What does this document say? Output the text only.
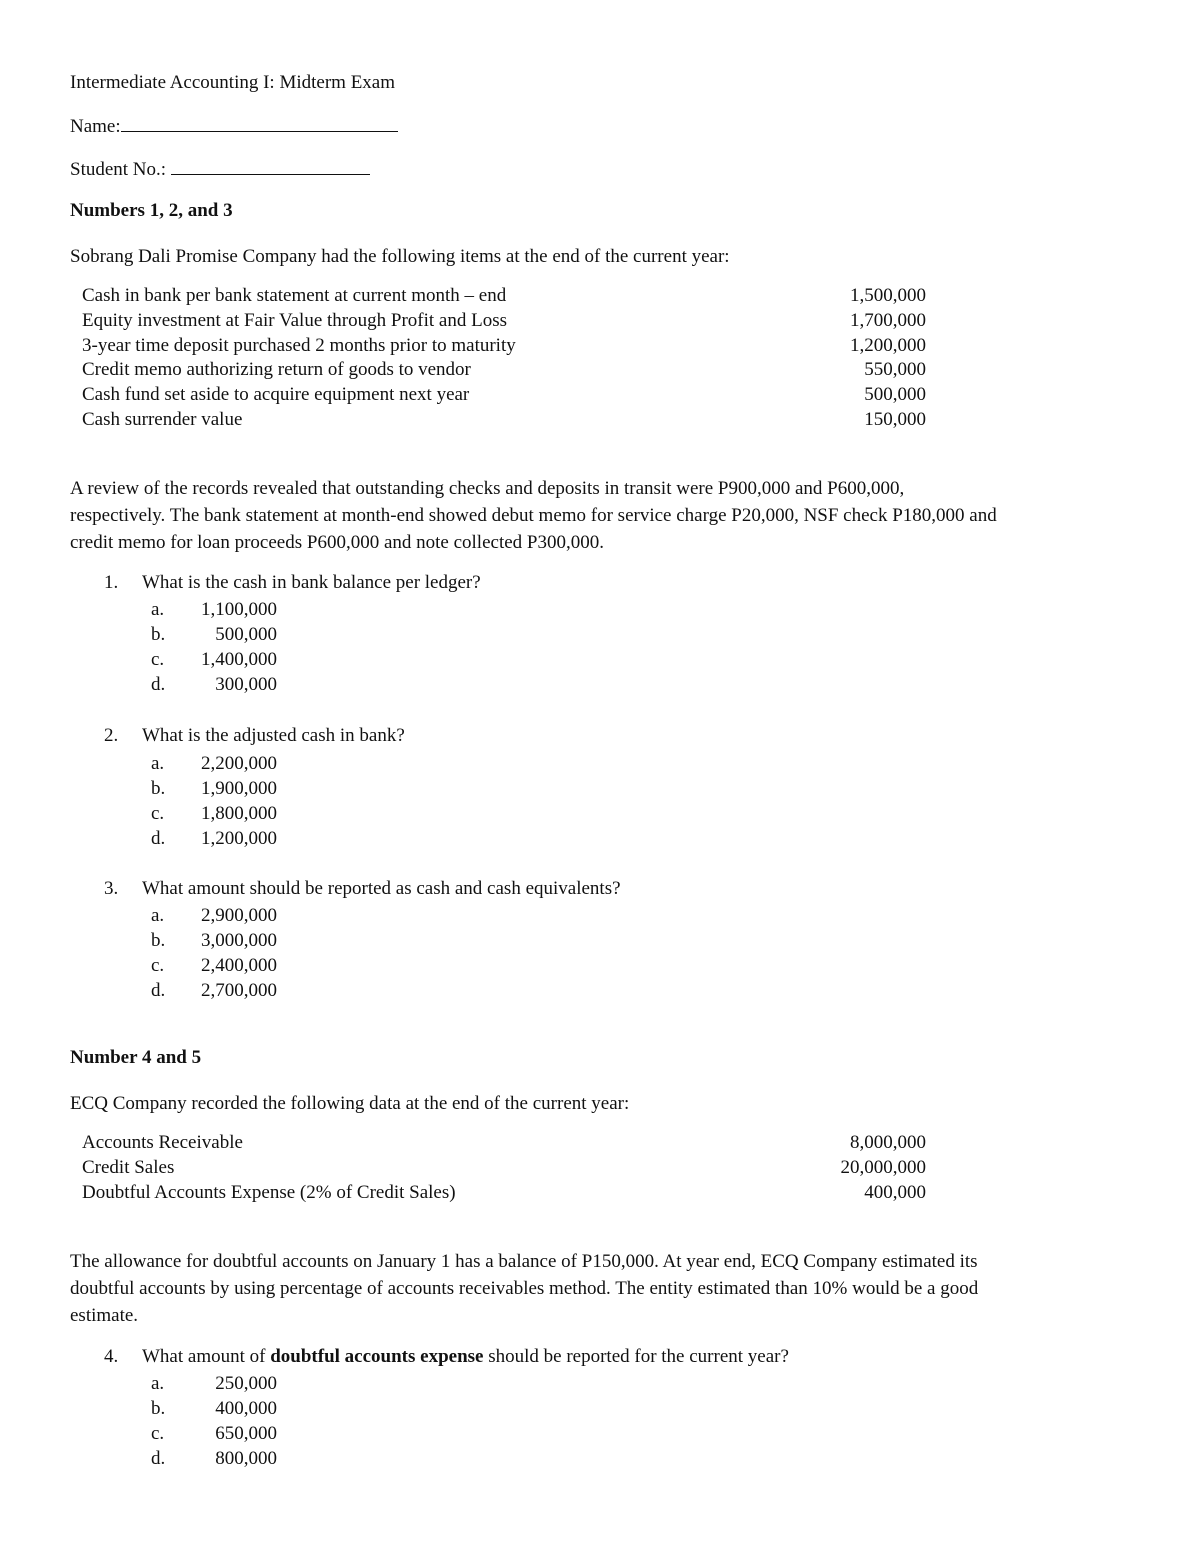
Intermediate Accounting I: Midterm Exam
Name:
Student No.:
Numbers 1, 2, and 3
Sobrang Dali Promise Company had the following items at the end of the current year:
Cash in bank per bank statement at current month – end	1,500,000
Equity investment at Fair Value through Profit and Loss	1,700,000
3-year time deposit purchased 2 months prior to maturity	1,200,000
Credit memo authorizing return of goods to vendor	550,000
Cash fund set aside to acquire equipment next year	500,000
Cash surrender value	150,000
A review of the records revealed that outstanding checks and deposits in transit were P900,000 and P600,000,
respectively. The bank statement at month-end showed debut memo for service charge P20,000, NSF check P180,000 and
credit memo for loan proceeds P600,000 and note collected P300,000.
1. What is the cash in bank balance per ledger?
a. 1,100,000
b.	500,000
c. 1,400,000
d.	300,000
2. What is the adjusted cash in bank?
a. 2,200,000
b. 1,900,000
c. 1,800,000
d. 1,200,000
3. What amount should be reported as cash and cash equivalents?
a. 2,900,000
b. 3,000,000
c. 2,400,000
d. 2,700,000
Number 4 and 5
ECQ Company recorded the following data at the end of the current year:
Accounts Receivable	8,000,000
Credit Sales	20,000,000
Doubtful Accounts Expense (2% of Credit Sales)	400,000
The allowance for doubtful accounts on January 1 has a balance of P150,000. At year end, ECQ Company estimated its
doubtful accounts by using percentage of accounts receivables method. The entity estimated than 10% would be a good
estimate.
4. What amount of doubtful accounts expense should be reported for the current year?
a.	250,000
b.	400,000
c.	650,000
d.	800,000
